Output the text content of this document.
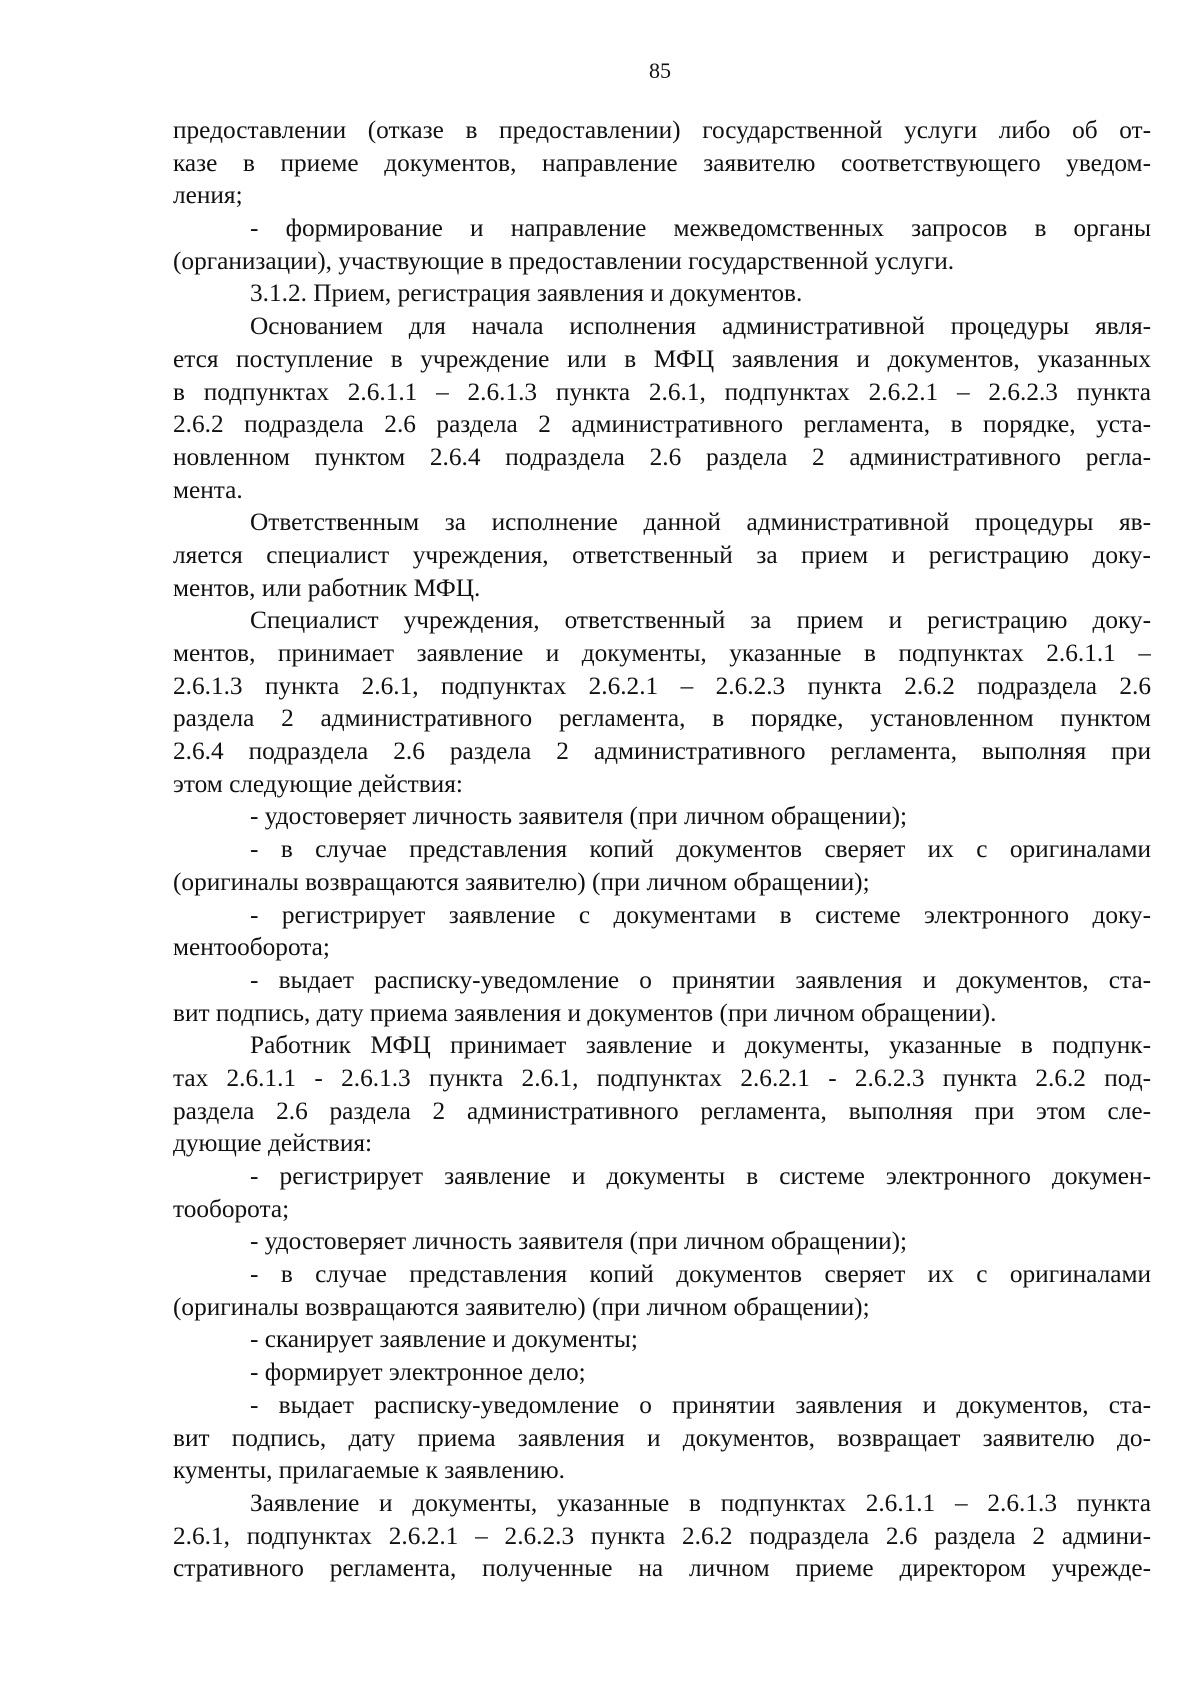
85
предоставлении (отказе в предоставлении) государственной услуги либо об от-
казе в приеме документов, направление заявителю соответствующего уведом-
ления;
- формирование и направление межведомственных запросов в органы
(организации), участвующие в предоставлении государственной услуги.
3.1.2. Прием, регистрация заявления и документов.
Основанием для начала исполнения административной процедуры явля-
ется поступление в учреждение или в МФЦ заявления и документов, указанных
в подпунктах 2.6.1.1 – 2.6.1.3 пункта 2.6.1, подпунктах 2.6.2.1 – 2.6.2.3 пункта
2.6.2 подраздела 2.6 раздела 2 административного регламента, в порядке, уста-
новленном пунктом 2.6.4 подраздела 2.6 раздела 2 административного регла-
мента.
Ответственным за исполнение данной административной процедуры яв-
ляется специалист учреждения, ответственный за прием и регистрацию доку-
ментов, или работник МФЦ.
Специалист учреждения, ответственный за прием и регистрацию доку-
ментов, принимает заявление и документы, указанные в подпунктах 2.6.1.1 –
2.6.1.3 пункта 2.6.1, подпунктах 2.6.2.1 – 2.6.2.3 пункта 2.6.2 подраздела 2.6
раздела 2 административного регламента, в порядке, установленном пунктом
2.6.4 подраздела 2.6 раздела 2 административного регламента, выполняя при
этом следующие действия:
- удостоверяет личность заявителя (при личном обращении);
- в случае представления копий документов сверяет их с оригиналами
(оригиналы возвращаются заявителю) (при личном обращении);
- регистрирует заявление с документами в системе электронного доку-
ментооборота;
- выдает расписку-уведомление о принятии заявления и документов, ста-
вит подпись, дату приема заявления и документов (при личном обращении).
Работник МФЦ принимает заявление и документы, указанные в подпунк-
тах 2.6.1.1 - 2.6.1.3 пункта 2.6.1, подпунктах 2.6.2.1 - 2.6.2.3 пункта 2.6.2 под-
раздела 2.6 раздела 2 административного регламента, выполняя при этом сле-
дующие действия:
- регистрирует заявление и документы в системе электронного докумен-
тооборота;
- удостоверяет личность заявителя (при личном обращении);
- в случае представления копий документов сверяет их с оригиналами
(оригиналы возвращаются заявителю) (при личном обращении);
- сканирует заявление и документы;
- формирует электронное дело;
- выдает расписку-уведомление о принятии заявления и документов, ста-
вит подпись, дату приема заявления и документов, возвращает заявителю до-
кументы, прилагаемые к заявлению.
Заявление и документы, указанные в подпунктах 2.6.1.1 – 2.6.1.3 пункта
2.6.1, подпунктах 2.6.2.1 – 2.6.2.3 пункта 2.6.2 подраздела 2.6 раздела 2 админи-
стративного регламента, полученные на личном приеме директором учрежде-
